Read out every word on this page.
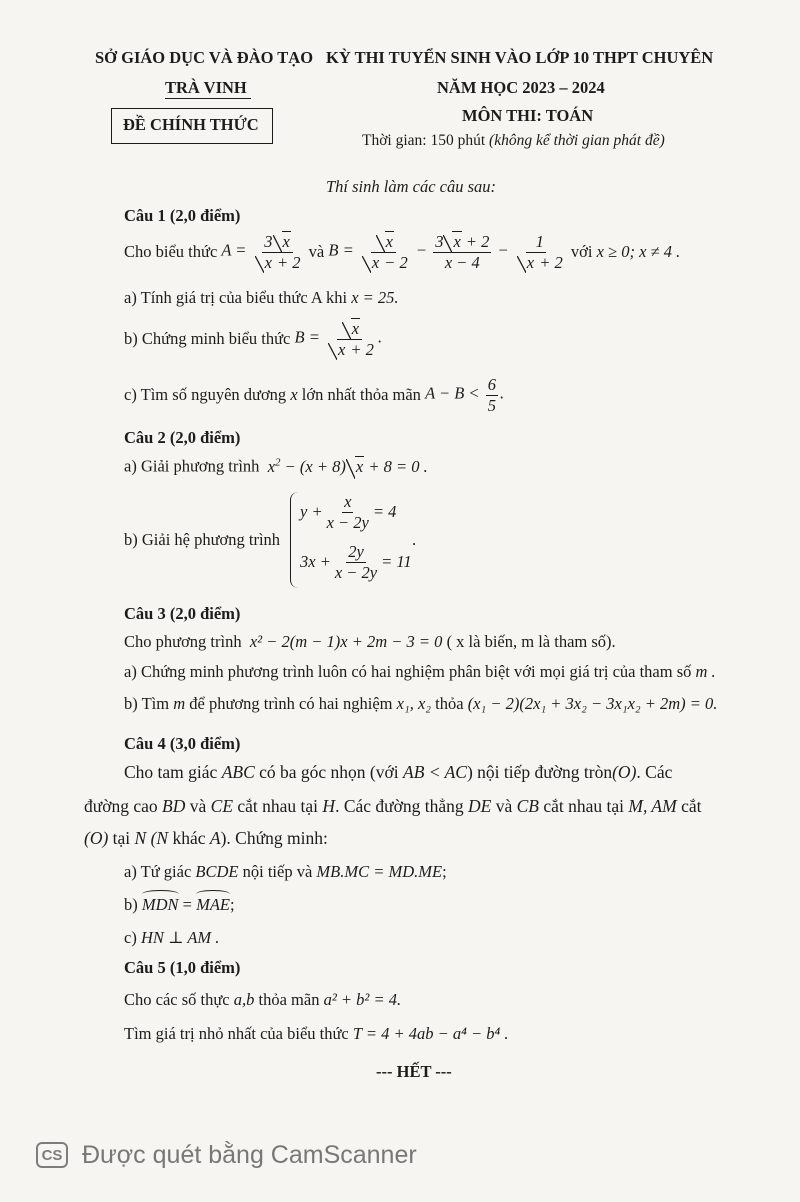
SỞ GIÁO DỤC VÀ ĐÀO TẠO
TRÀ VINH
ĐỀ CHÍNH THỨC
KỲ THI TUYỂN SINH VÀO LỚP 10 THPT CHUYÊN
NĂM HỌC 2023 – 2024
MÔN THI: TOÁN
Thời gian: 150 phút (không kể thời gian phát đề)
Thí sinh làm các câu sau:
Câu 1 (2,0 điểm)
Cho biểu thức
$A = \frac{3 x}{x + 2}$
và
$B = \frac{x}{x - 2} - \frac{3 x + 2}{x - 4} - \frac{1}{x + 2}$
với
x ≥ 0; x ≠ 4 .
a) Tính giá trị của biểu thức A khi x = 25.
b) Chứng minh biểu thức
$B = \frac{x}{x + 2}$ .
c) Tìm số nguyên dương
x
lớn nhất thỏa mãn
$A - B < \frac{6}{5}$ .
Câu 2 (2,0 điểm)
a) Giải phương trình $x^2 - (x + 8) x + 8 = 0$ .
b) Giải hệ phương trình
$y + \frac{x}{x - 2y} = 4$
$3x + \frac{2y}{x - 2y} = 11$
.
Câu 3 (2,0 điểm)
Cho phương trình x² − 2(m − 1)x + 2m − 3 = 0 ( x là biến, m là tham số).
a) Chứng minh phương trình luôn có hai nghiệm phân biệt với mọi giá trị của tham số m .
b) Tìm m để phương trình có hai nghiệm x₁, x₂ thỏa (x₁ − 2)(2x₁ + 3x₂ − 3x₁x₂ + 2m) = 0.
Câu 4 (3,0 điểm)
Cho tam giác ABC có ba góc nhọn (với AB < AC) nội tiếp đường tròn(O). Các
đường cao BD và CE cắt nhau tại H. Các đường thẳng DE và CB cắt nhau tại M, AM cắt
(O) tại N (N khác A). Chứng minh:
a) Tứ giác BCDE nội tiếp và MB.MC = MD.ME;
b) MDN = MAE;
c) HN ⊥ AM .
Câu 5 (1,0 điểm)
Cho các số thực a,b thỏa mãn a² + b² = 4.
Tìm giá trị nhỏ nhất của biểu thức T = 4 + 4ab − a⁴ − b⁴ .
--- HẾT ---
CS Được quét bằng CamScanner
